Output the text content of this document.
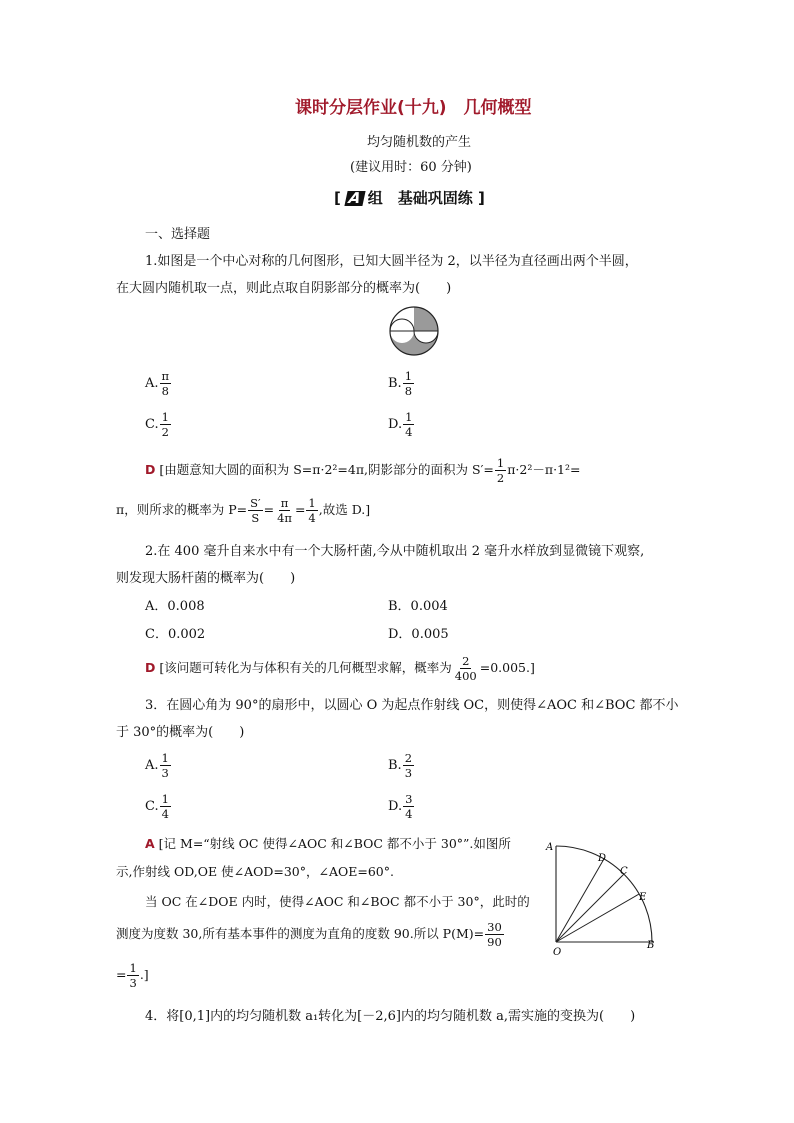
课时分层作业(十九)　几何概型
均匀随机数的产生
(建议用时：60 分钟)
[ A 组　基础巩固练 ]
一、选择题
1.如图是一个中心对称的几何图形，已知大圆半径为 2，以半径为直径画出两个半圆，
在大圆内随机取一点，则此点取自阴影部分的概率为(　　)
A. $\frac{\pi}{8}$	B. $\frac{1}{8}$
C. $\frac{1}{2}$	D. $\frac{1}{4}$
D [由题意知大圆的面积为 S=π·2²=4π,阴影部分的面积为 $S'= \frac{1}{2} \pi\cdot 2^2-\pi\cdot 1^2=$
π，则所求的概率为 $P= \frac{S'}{S} = \frac{\pi}{4\pi} = \frac{1}{4}$ ,故选 D.]
2.在 400 毫升自来水中有一个大肠杆菌,今从中随机取出 2 毫升水样放到显微镜下观察,
则发现大肠杆菌的概率为(　　)
A．0.008	B．0.004
C．0.002	D．0.005
D [该问题可转化为与体积有关的几何概型求解，概率为 $\frac{2}{400} =0.005$.]
3．在圆心角为 90°的扇形中，以圆心 O 为起点作射线 OC，则使得∠AOC 和∠BOC 都不小
于 30°的概率为(　　)
A. $\frac{1}{3}$	B. $\frac{2}{3}$
C. $\frac{1}{4}$	D. $\frac{3}{4}$
A [记 M=“射线 OC 使得∠AOC 和∠BOC 都不小于 30°”.如图所
示,作射线 OD,OE 使∠AOD=30°，∠AOE=60°.
当 OC 在∠DOE 内时，使得∠AOC 和∠BOC 都不小于 30°，此时的
测度为度数 30,所有基本事件的测度为直角的度数 90.所以 $P(M)= \frac{30}{90}$
= $\frac{1}{3}$ .]
A
D
C
E
O
B
4．将[0,1]内的均匀随机数 a₁转化为[－2,6]内的均匀随机数 a,需实施的变换为(　　)
